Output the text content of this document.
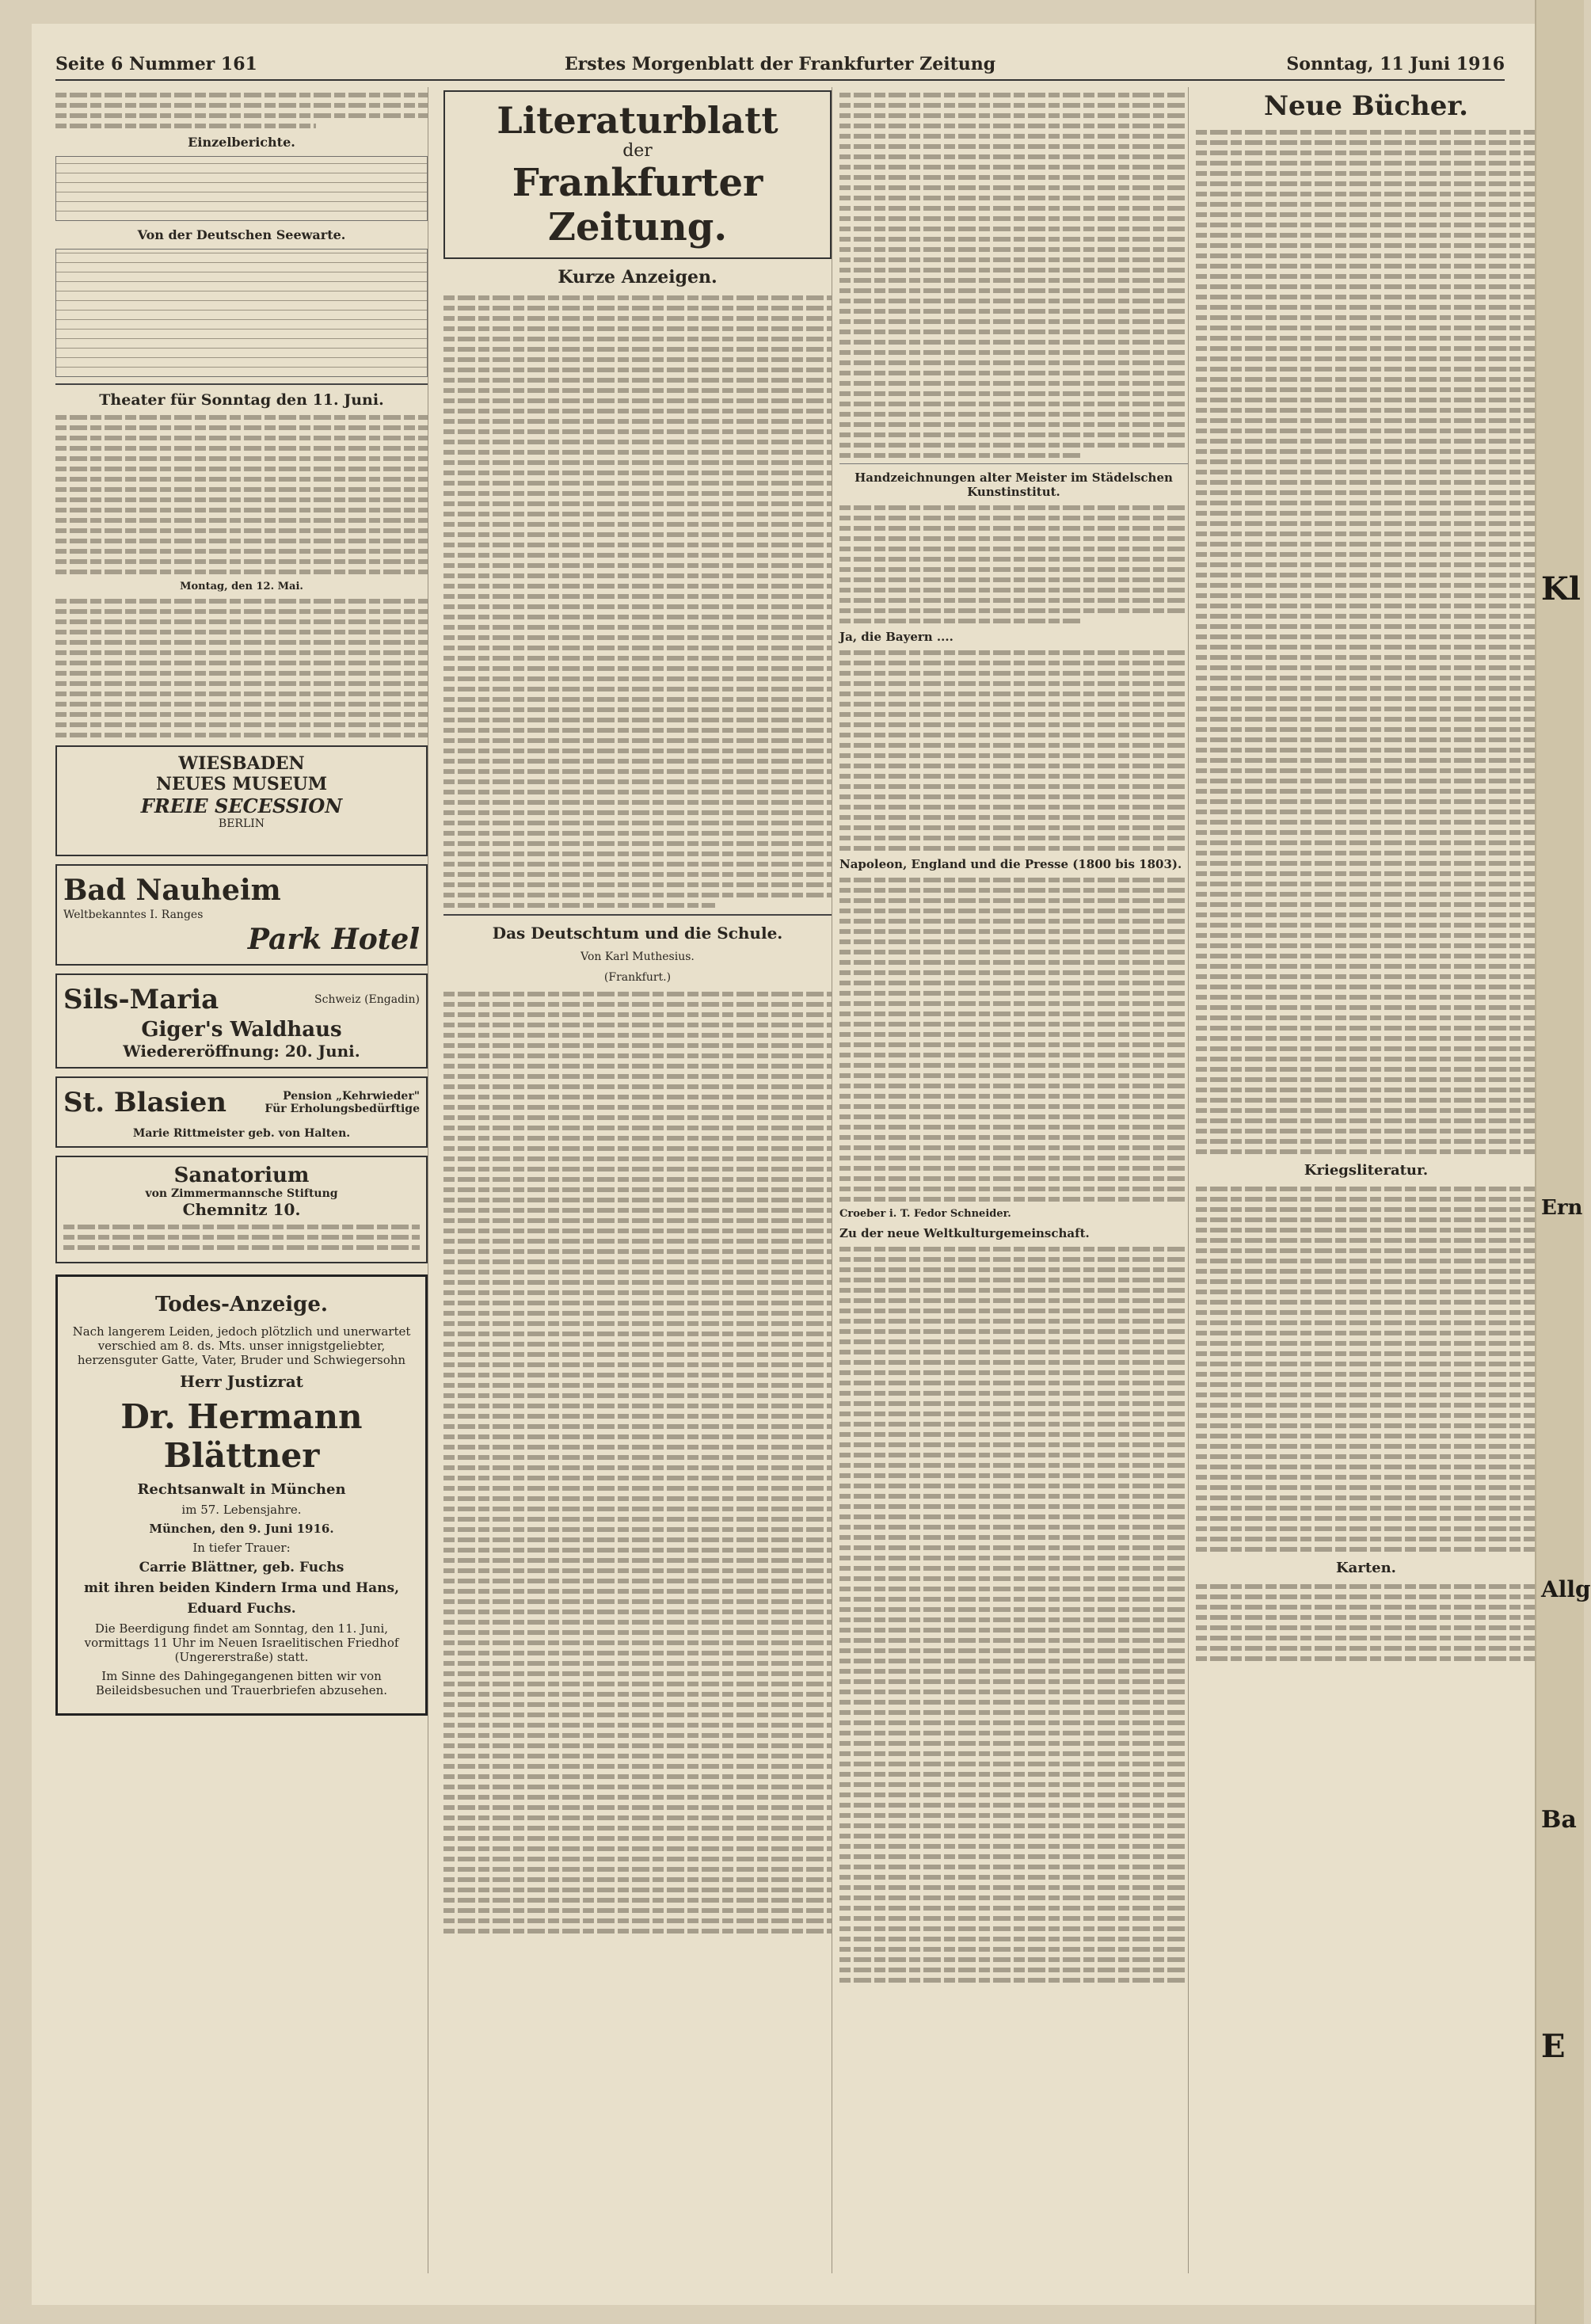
Seite 6 Nummer 161	Erstes Morgenblatt der Frankfurter Zeitung	Sonntag, 11 Juni 1916
Einzelberichte.
Von der Deutschen Seewarte.
Theater für Sonntag den 11. Juni.
Montag, den 12. Mai.
WIESBADEN
NEUES MUSEUM
FREIE SECESSION
BERLIN
Bad Nauheim
Weltbekanntes I. Ranges
Park Hotel
Sils-Maria	Schweiz (Engadin)
Giger's Waldhaus
Wiedereröffnung: 20. Juni.
St. Blasien	Pension „Kehrwieder"
Für Erholungsbedürftige
Marie Rittmeister geb. von Halten.
Sanatorium
von Zimmermannsche Stiftung
Chemnitz 10.
Todes-Anzeige.

Nach langerem Leiden, jedoch plötzlich und unerwartet verschied am 8. ds. Mts. unser innigstgeliebter, herzensguter Gatte, Vater, Bruder und Schwiegersohn

Herr Justizrat

Dr. Hermann Blättner

Rechtsanwalt in München

im 57. Lebensjahre.

München, den 9. Juni 1916.

In tiefer Trauer:

Carrie Blättner, geb. Fuchs

mit ihren beiden Kindern Irma und Hans,

Eduard Fuchs.

Die Beerdigung findet am Sonntag, den 11. Juni, vormittags 11 Uhr im Neuen Israelitischen Friedhof (Ungererstraße) statt.

Im Sinne des Dahingegangenen bitten wir von Beileidsbesuchen und Trauerbriefen abzusehen.

Literaturblatt
der
Frankfurter Zeitung.
Kurze Anzeigen.
Das Deutschtum und die Schule.
Von Karl Muthesius.
(Frankfurt.)
Handzeichnungen alter Meister im Städelschen Kunstinstitut.
Ja, die Bayern ....
Napoleon, England und die Presse (1800 bis 1803).
Croeber i. T. Fedor Schneider.
Zu der neue Weltkulturgemeinschaft.
Neue Bücher.
Kriegsliteratur.
Karten.
Kl
Ern
Allg
Ba
E
